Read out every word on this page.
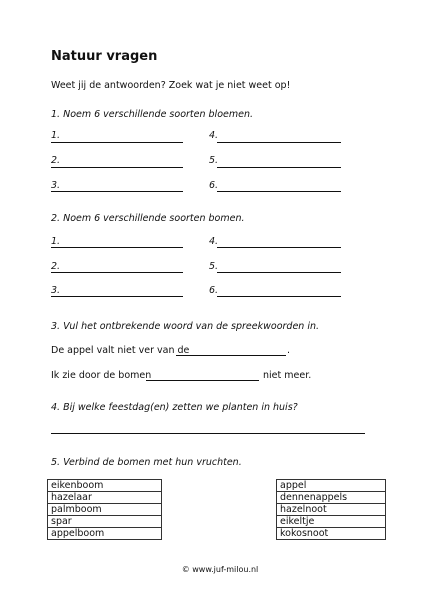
Natuur vragen
Weet jij de antwoorden? Zoek wat je niet weet op!
1. Noem 6 verschillende soorten bloemen.
1.
2.
3.
4.
5.
6.
2. Noem 6 verschillende soorten bomen.
1.
2.
3.
4.
5.
6.
3. Vul het ontbrekende woord van de spreekwoorden in.
De appel valt niet ver van de	.
Ik zie door de bomen	niet meer.
4. Bij welke feestdag(en) zetten we planten in huis?
5. Verbind de bomen met hun vruchten.
eikenboom
hazelaar
palmboom
spar
appelboom
appel
dennenappels
hazelnoot
eikeltje
kokosnoot
© www.juf-milou.nl
